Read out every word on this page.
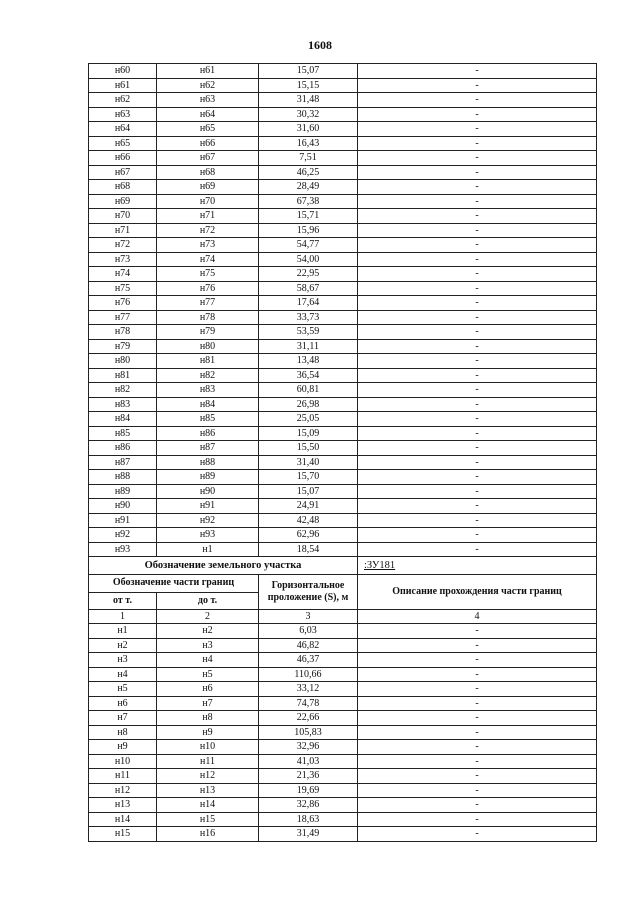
1608
н60	н61	15,07	-
н61	н62	15,15	-
н62	н63	31,48	-
н63	н64	30,32	-
н64	н65	31,60	-
н65	н66	16,43	-
н66	н67	7,51	-
н67	н68	46,25	-
н68	н69	28,49	-
н69	н70	67,38	-
н70	н71	15,71	-
н71	н72	15,96	-
н72	н73	54,77	-
н73	н74	54,00	-
н74	н75	22,95	-
н75	н76	58,67	-
н76	н77	17,64	-
н77	н78	33,73	-
н78	н79	53,59	-
н79	н80	31,11	-
н80	н81	13,48	-
н81	н82	36,54	-
н82	н83	60,81	-
н83	н84	26,98	-
н84	н85	25,05	-
н85	н86	15,09	-
н86	н87	15,50	-
н87	н88	31,40	-
н88	н89	15,70	-
н89	н90	15,07	-
н90	н91	24,91	-
н91	н92	42,48	-
н92	н93	62,96	-
н93	н1	18,54	-
Обозначение земельного участка			:ЗУ181
Обозначение части границ		Горизонтальное проложение (S), м	Описание прохождения части границ
от т.	до т.		
1	2	3	4
н1	н2	6,03	-
н2	н3	46,82	-
н3	н4	46,37	-
н4	н5	110,66	-
н5	н6	33,12	-
н6	н7	74,78	-
н7	н8	22,66	-
н8	н9	105,83	-
н9	н10	32,96	-
н10	н11	41,03	-
н11	н12	21,36	-
н12	н13	19,69	-
н13	н14	32,86	-
н14	н15	18,63	-
н15	н16	31,49	-
